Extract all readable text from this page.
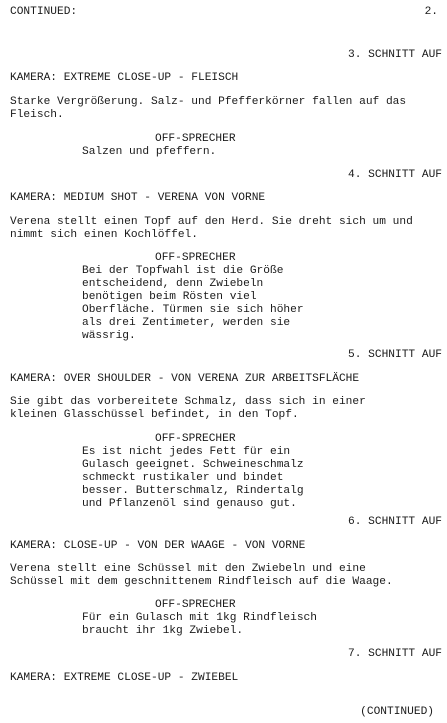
CONTINUED:	2.
3. SCHNITT AUF
KAMERA: EXTREME CLOSE-UP - FLEISCH
Starke Vergrößerung. Salz- und Pfefferkörner fallen auf das
Fleisch.
OFF-SPRECHER
Salzen und pfeffern.
4. SCHNITT AUF
KAMERA: MEDIUM SHOT - VERENA VON VORNE
Verena stellt einen Topf auf den Herd. Sie dreht sich um und
nimmt sich einen Kochlöffel.
OFF-SPRECHER
Bei der Topfwahl ist die Größe
entscheidend, denn Zwiebeln
benötigen beim Rösten viel
Oberfläche. Türmen sie sich höher
als drei Zentimeter, werden sie
wässrig.
5. SCHNITT AUF
KAMERA: OVER SHOULDER - VON VERENA ZUR ARBEITSFLÄCHE
Sie gibt das vorbereitete Schmalz, dass sich in einer
kleinen Glasschüssel befindet, in den Topf.
OFF-SPRECHER
Es ist nicht jedes Fett für ein
Gulasch geeignet. Schweineschmalz
schmeckt rustikaler und bindet
besser. Butterschmalz, Rindertalg
und Pflanzenöl sind genauso gut.
6. SCHNITT AUF
KAMERA: CLOSE-UP - VON DER WAAGE - VON VORNE
Verena stellt eine Schüssel mit den Zwiebeln und eine
Schüssel mit dem geschnittenem Rindfleisch auf die Waage.
OFF-SPRECHER
Für ein Gulasch mit 1kg Rindfleisch
braucht ihr 1kg Zwiebel.
7. SCHNITT AUF
KAMERA: EXTREME CLOSE-UP - ZWIEBEL
(CONTINUED)
